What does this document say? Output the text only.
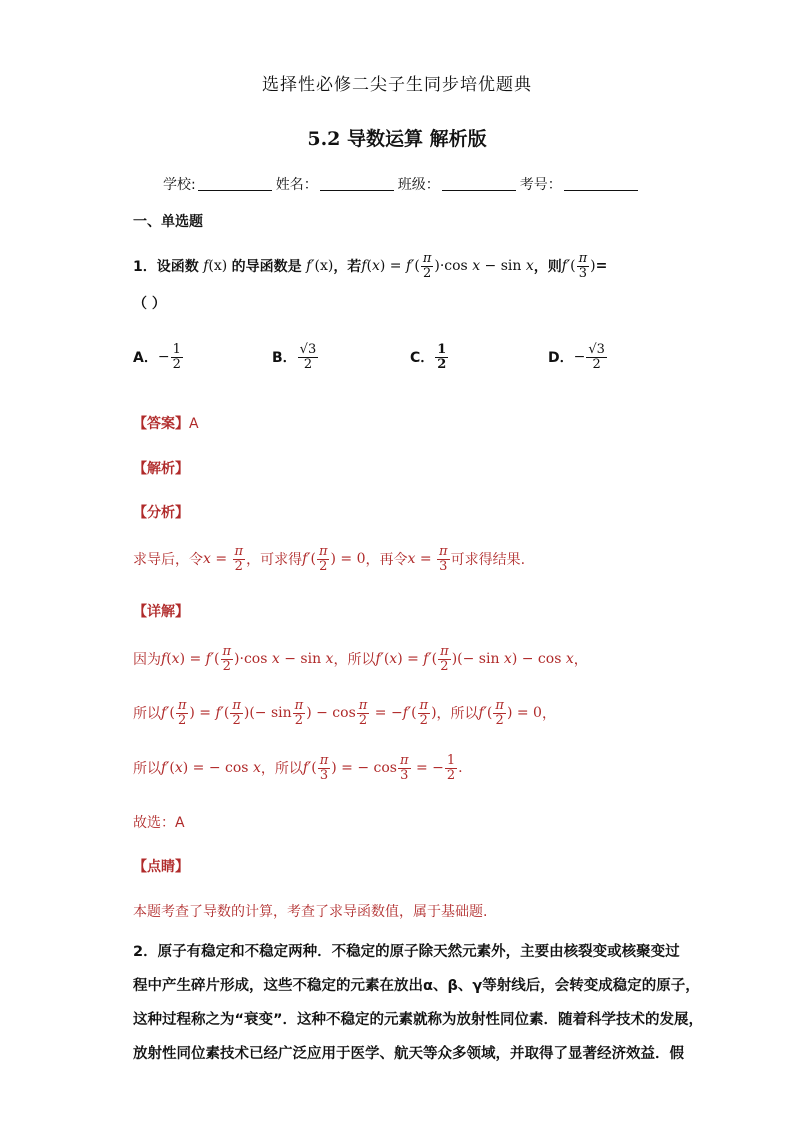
选择性必修二尖子生同步培优题典
5.2 导数运算 解析版
学校:	姓名：	班级：	考号：
一、单选题
1．设函数 f(x) 的导函数是 f′(x) ，若 $f(x) = f'( \frac{\pi}{2} )\cdot\cos$ x − sin x ，则 $f'( \frac{\pi}{3}$ ) =
（ ）
A． − $\frac{1}{2}$	B． $\frac{√3}{2}$	C． $\frac{1}{2}$	D． − $\frac{√3}{2}$
【答案】A
【解析】
【分析】
求导后，令 $x = \frac{\pi}{2}$ ，可求得 $f'( \frac{\pi}{2}$ ) = 0 ，再令 $x = \frac{\pi}{3}$ 可求得结果.
【详解】
因为 $f(x) = f'( \frac{\pi}{2} )\cdot\cos$ x − sin x ，所以 $f'(x) = f'( \frac{\pi}{2}$ )(− sin x) − cos x ，
所以 $f'( \frac{\pi}{2}$ ) = $f'( \frac{\pi}{2}$ )(− $\sin \frac{\pi}{2}$ ) − $\cos \frac{\pi}{2} = -f'( \frac{\pi}{2}$ ) ，所以 $f'( \frac{\pi}{2}$ ) = 0 ，
所以 f′(x) = − cos x ，所以 $f'( \frac{\pi}{3}$ ) = − $\cos \frac{\pi}{3}$ = − $\frac{1}{2}$ .
故选：A
【点睛】
本题考查了导数的计算，考查了求导函数值，属于基础题.
2．原子有稳定和不稳定两种．不稳定的原子除天然元素外，主要由核裂变或核聚变过
程中产生碎片形成，这些不稳定的元素在放出α、β、γ等射线后，会转变成稳定的原子，
这种过程称之为“衰变”．这种不稳定的元素就称为放射性同位素．随着科学技术的发展，
放射性同位素技术已经广泛应用于医学、航天等众多领域，并取得了显著经济效益．假
